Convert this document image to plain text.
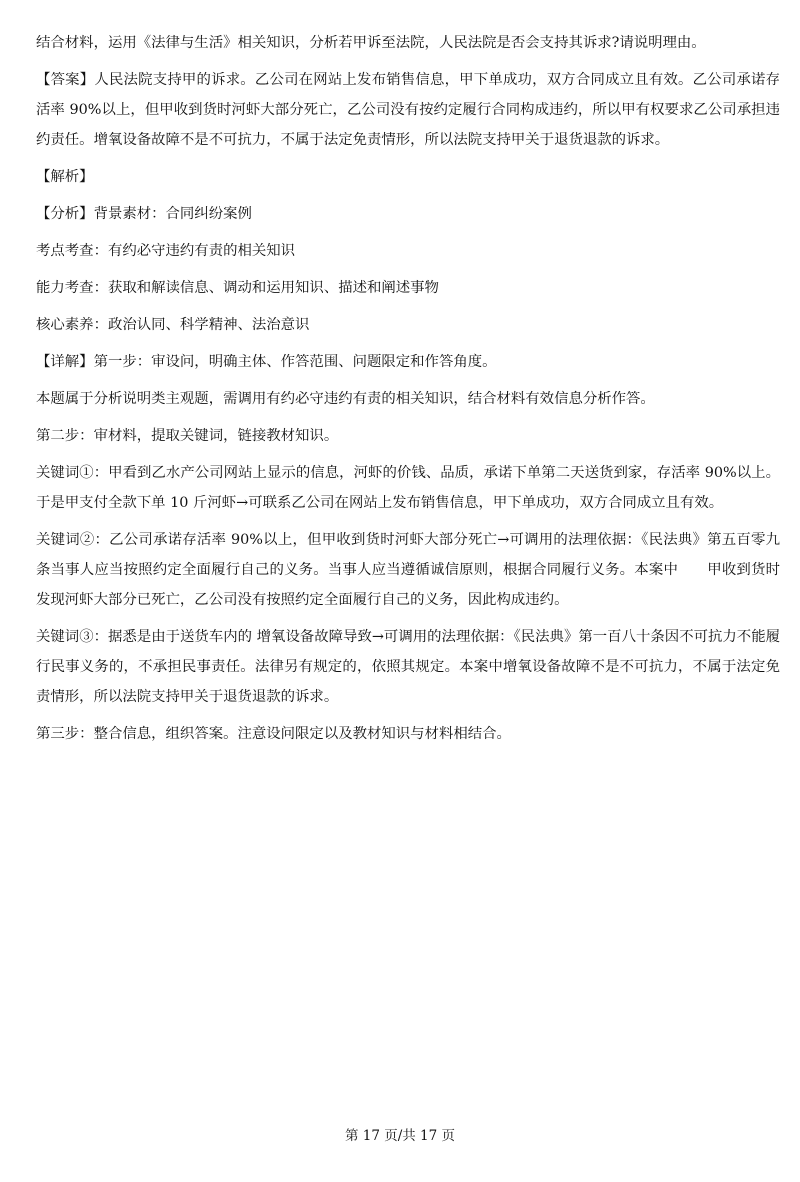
结合材料，运用《法律与生活》相关知识，分析若甲诉至法院，人民法院是否会支持其诉求?请说明理由。

【答案】人民法院支持甲的诉求。乙公司在网站上发布销售信息，甲下单成功，双方合同成立且有效。乙公司承诺存活率 90%以上，但甲收到货时河虾大部分死亡，乙公司没有按约定履行合同构成违约，所以甲有权要求乙公司承担违约责任。增氧设备故障不是不可抗力，不属于法定免责情形，所以法院支持甲关于退货退款的诉求。

【解析】

【分析】背景素材：合同纠纷案例

考点考查：有约必守违约有责的相关知识

能力考查：获取和解读信息、调动和运用知识、描述和阐述事物

核心素养：政治认同、科学精神、法治意识

【详解】第一步：审设问，明确主体、作答范围、问题限定和作答角度。

本题属于分析说明类主观题，需调用有约必守违约有责的相关知识，结合材料有效信息分析作答。

第二步：审材料，提取关键词，链接教材知识。

关键词①：甲看到乙水产公司网站上显示的信息，河虾的价钱、品质，承诺下单第二天送货到家，存活率 90%以上。于是甲支付全款下单 10 斤河虾→可联系乙公司在网站上发布销售信息，甲下单成功，双方合同成立且有效。

关键词②：乙公司承诺存活率 90%以上，但甲收到货时河虾大部分死亡→可调用的法理依据：《民法典》第五百零九条当事人应当按照约定全面履行自己的义务。当事人应当遵循诚信原则，根据合同履行义务。本案中　　甲收到货时发现河虾大部分已死亡，乙公司没有按照约定全面履行自己的义务，因此构成违约。

关键词③：据悉是由于送货车内的 增氧设备故障导致→可调用的法理依据：《民法典》第一百八十条因不可抗力不能履行民事义务的，不承担民事责任。法律另有规定的，依照其规定。本案中增氧设备故障不是不可抗力，不属于法定免责情形，所以法院支持甲关于退货退款的诉求。

第三步：整合信息，组织答案。注意设问限定以及教材知识与材料相结合。

第 17 页/共 17 页
